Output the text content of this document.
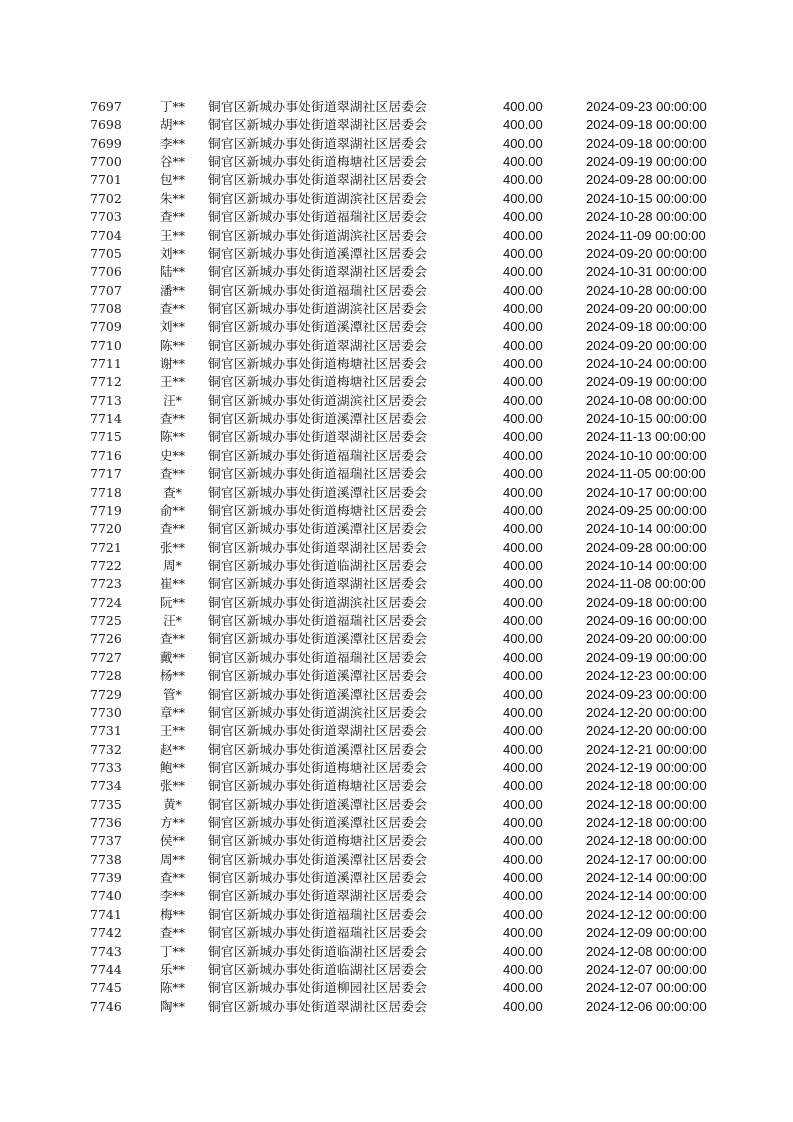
7697	丁**	铜官区新城办事处街道翠湖社区居委会	400.00	2024-09-23 00:00:00
7698	胡**	铜官区新城办事处街道翠湖社区居委会	400.00	2024-09-18 00:00:00
7699	李**	铜官区新城办事处街道翠湖社区居委会	400.00	2024-09-18 00:00:00
7700	谷**	铜官区新城办事处街道梅塘社区居委会	400.00	2024-09-19 00:00:00
7701	包**	铜官区新城办事处街道翠湖社区居委会	400.00	2024-09-28 00:00:00
7702	朱**	铜官区新城办事处街道湖滨社区居委会	400.00	2024-10-15 00:00:00
7703	查**	铜官区新城办事处街道福瑞社区居委会	400.00	2024-10-28 00:00:00
7704	王**	铜官区新城办事处街道湖滨社区居委会	400.00	2024-11-09 00:00:00
7705	刘**	铜官区新城办事处街道溪潭社区居委会	400.00	2024-09-20 00:00:00
7706	陆**	铜官区新城办事处街道翠湖社区居委会	400.00	2024-10-31 00:00:00
7707	潘**	铜官区新城办事处街道福瑞社区居委会	400.00	2024-10-28 00:00:00
7708	查**	铜官区新城办事处街道湖滨社区居委会	400.00	2024-09-20 00:00:00
7709	刘**	铜官区新城办事处街道溪潭社区居委会	400.00	2024-09-18 00:00:00
7710	陈**	铜官区新城办事处街道翠湖社区居委会	400.00	2024-09-20 00:00:00
7711	谢**	铜官区新城办事处街道梅塘社区居委会	400.00	2024-10-24 00:00:00
7712	王**	铜官区新城办事处街道梅塘社区居委会	400.00	2024-09-19 00:00:00
7713	汪*	铜官区新城办事处街道湖滨社区居委会	400.00	2024-10-08 00:00:00
7714	查**	铜官区新城办事处街道溪潭社区居委会	400.00	2024-10-15 00:00:00
7715	陈**	铜官区新城办事处街道翠湖社区居委会	400.00	2024-11-13 00:00:00
7716	史**	铜官区新城办事处街道福瑞社区居委会	400.00	2024-10-10 00:00:00
7717	查**	铜官区新城办事处街道福瑞社区居委会	400.00	2024-11-05 00:00:00
7718	查*	铜官区新城办事处街道溪潭社区居委会	400.00	2024-10-17 00:00:00
7719	俞**	铜官区新城办事处街道梅塘社区居委会	400.00	2024-09-25 00:00:00
7720	查**	铜官区新城办事处街道溪潭社区居委会	400.00	2024-10-14 00:00:00
7721	张**	铜官区新城办事处街道翠湖社区居委会	400.00	2024-09-28 00:00:00
7722	周*	铜官区新城办事处街道临湖社区居委会	400.00	2024-10-14 00:00:00
7723	崔**	铜官区新城办事处街道翠湖社区居委会	400.00	2024-11-08 00:00:00
7724	阮**	铜官区新城办事处街道湖滨社区居委会	400.00	2024-09-18 00:00:00
7725	汪*	铜官区新城办事处街道福瑞社区居委会	400.00	2024-09-16 00:00:00
7726	查**	铜官区新城办事处街道溪潭社区居委会	400.00	2024-09-20 00:00:00
7727	戴**	铜官区新城办事处街道福瑞社区居委会	400.00	2024-09-19 00:00:00
7728	杨**	铜官区新城办事处街道溪潭社区居委会	400.00	2024-12-23 00:00:00
7729	管*	铜官区新城办事处街道溪潭社区居委会	400.00	2024-09-23 00:00:00
7730	章**	铜官区新城办事处街道湖滨社区居委会	400.00	2024-12-20 00:00:00
7731	王**	铜官区新城办事处街道翠湖社区居委会	400.00	2024-12-20 00:00:00
7732	赵**	铜官区新城办事处街道溪潭社区居委会	400.00	2024-12-21 00:00:00
7733	鲍**	铜官区新城办事处街道梅塘社区居委会	400.00	2024-12-19 00:00:00
7734	张**	铜官区新城办事处街道梅塘社区居委会	400.00	2024-12-18 00:00:00
7735	黄*	铜官区新城办事处街道溪潭社区居委会	400.00	2024-12-18 00:00:00
7736	方**	铜官区新城办事处街道溪潭社区居委会	400.00	2024-12-18 00:00:00
7737	侯**	铜官区新城办事处街道梅塘社区居委会	400.00	2024-12-18 00:00:00
7738	周**	铜官区新城办事处街道溪潭社区居委会	400.00	2024-12-17 00:00:00
7739	查**	铜官区新城办事处街道溪潭社区居委会	400.00	2024-12-14 00:00:00
7740	李**	铜官区新城办事处街道翠湖社区居委会	400.00	2024-12-14 00:00:00
7741	梅**	铜官区新城办事处街道福瑞社区居委会	400.00	2024-12-12 00:00:00
7742	查**	铜官区新城办事处街道福瑞社区居委会	400.00	2024-12-09 00:00:00
7743	丁**	铜官区新城办事处街道临湖社区居委会	400.00	2024-12-08 00:00:00
7744	乐**	铜官区新城办事处街道临湖社区居委会	400.00	2024-12-07 00:00:00
7745	陈**	铜官区新城办事处街道柳园社区居委会	400.00	2024-12-07 00:00:00
7746	陶**	铜官区新城办事处街道翠湖社区居委会	400.00	2024-12-06 00:00:00
